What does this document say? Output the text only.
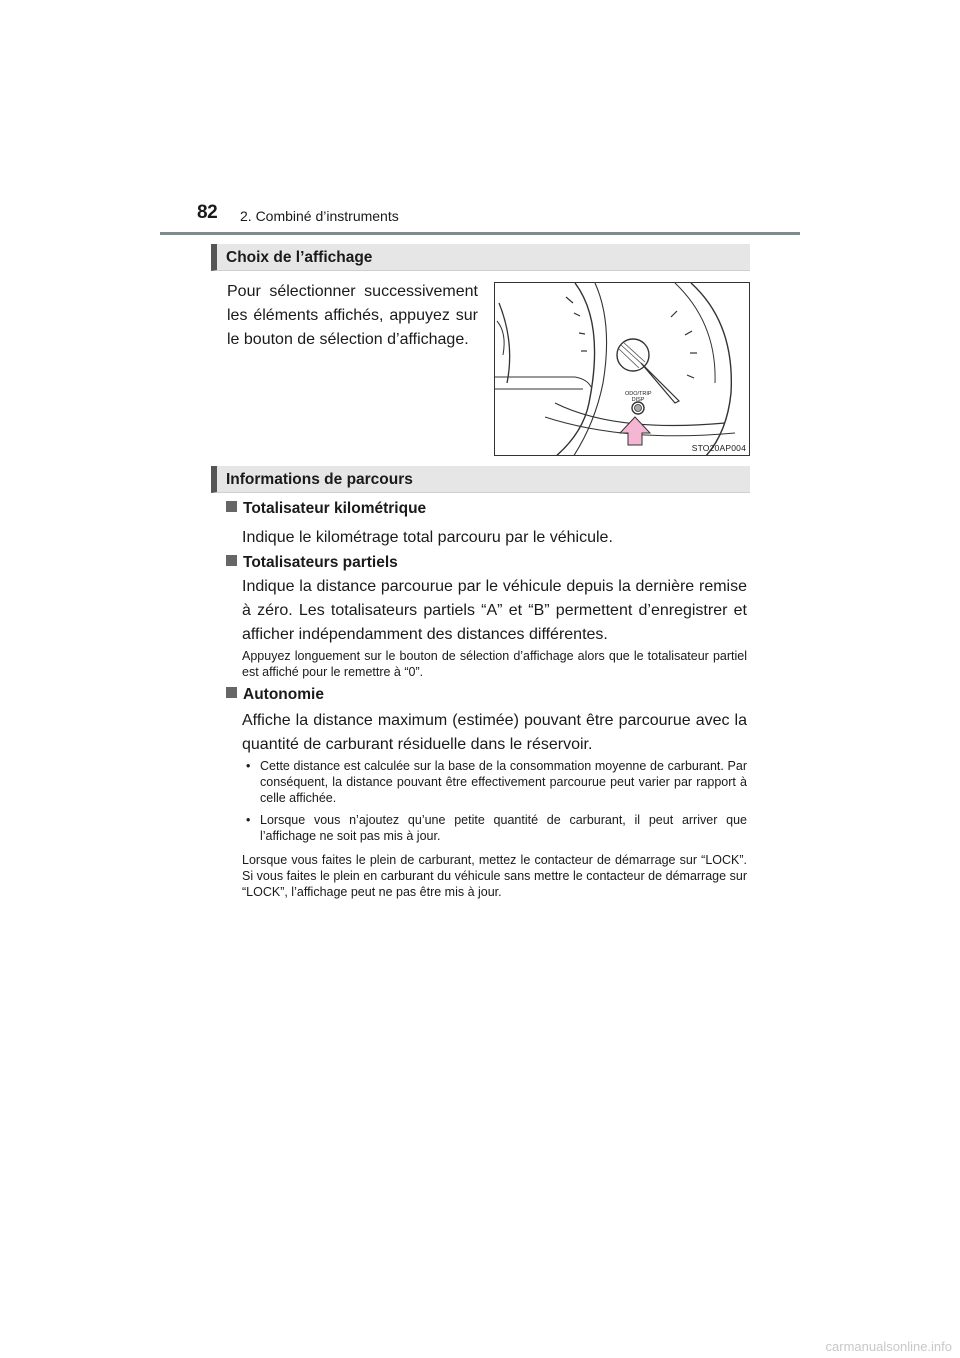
82 2. Combiné d’instruments
Choix de l’affichage
Pour sélectionner successivement les éléments affichés, appuyez sur le bouton de sélection d’affichage.
ODO/TRIP
DISP
STO20AP004
Informations de parcours
Totalisateur kilométrique
Indique le kilométrage total parcouru par le véhicule.
Totalisateurs partiels
Indique la distance parcourue par le véhicule depuis la dernière remise à zéro. Les totalisateurs partiels “A” et “B” permettent d’enregistrer et afficher indépendamment des distances différentes.
Appuyez longuement sur le bouton de sélection d’affichage alors que le totalisateur partiel est affiché pour le remettre à “0”.
Autonomie
Affiche la distance maximum (estimée) pouvant être parcourue avec la quantité de carburant résiduelle dans le réservoir.
• Cette distance est calculée sur la base de la consommation moyenne de carburant. Par conséquent, la distance pouvant être effectivement parcourue peut varier par rapport à celle affichée.
• Lorsque vous n’ajoutez qu’une petite quantité de carburant, il peut arriver que l’affichage ne soit pas mis à jour.
Lorsque vous faites le plein de carburant, mettez le contacteur de démarrage sur “LOCK”. Si vous faites le plein en carburant du véhicule sans mettre le contacteur de démarrage sur “LOCK”, l’affichage peut ne pas être mis à jour.
carmanualsonline.info
